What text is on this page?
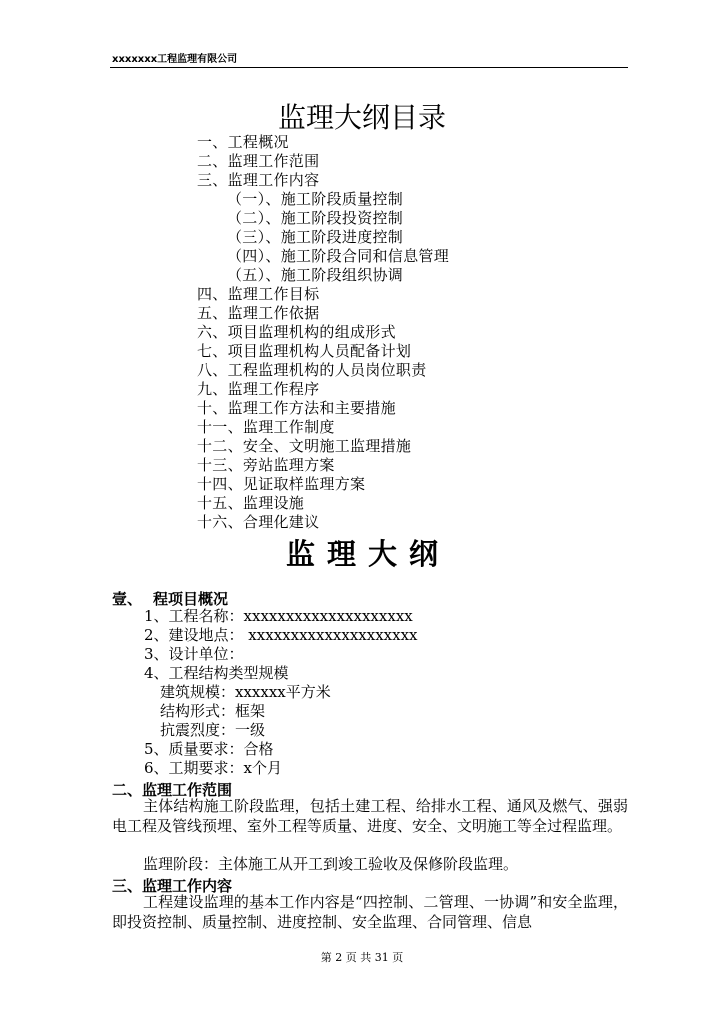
xxxxxxx工程监理有限公司
监理大纲目录
一、工程概况
二、监理工作范围
三、监理工作内容
（一）、施工阶段质量控制
（二）、施工阶段投资控制
（三）、施工阶段进度控制
（四）、施工阶段合同和信息管理
（五）、施工阶段组织协调
四、监理工作目标
五、监理工作依据
六、项目监理机构的组成形式
七、项目监理机构人员配备计划
八、工程监理机构的人员岗位职责
九、监理工作程序
十、监理工作方法和主要措施
十一、监理工作制度
十二、安全、文明施工监理措施
十三、旁站监理方案
十四、见证取样监理方案
十五、监理设施
十六、合理化建议
监理大纲
壹、 程项目概况
1、工程名称：xxxxxxxxxxxxxxxxxxxx
2、建设地点： xxxxxxxxxxxxxxxxxxxx
3、设计单位：
4、工程结构类型规模
建筑规模：xxxxxx平方米
结构形式：框架
抗震烈度：一级
5、质量要求：合格
6、工期要求：x个月
二、监理工作范围
主体结构施工阶段监理，包括土建工程、给排水工程、通风及燃气、强弱电工程及管线预埋、室外工程等质量、进度、安全、文明施工等全过程监理。
监理阶段：主体施工从开工到竣工验收及保修阶段监理。
三、监理工作内容
工程建设监理的基本工作内容是“四控制、二管理、一协调”和安全监理，即投资控制、质量控制、进度控制、安全监理、合同管理、信息
第 2 页 共 31 页
